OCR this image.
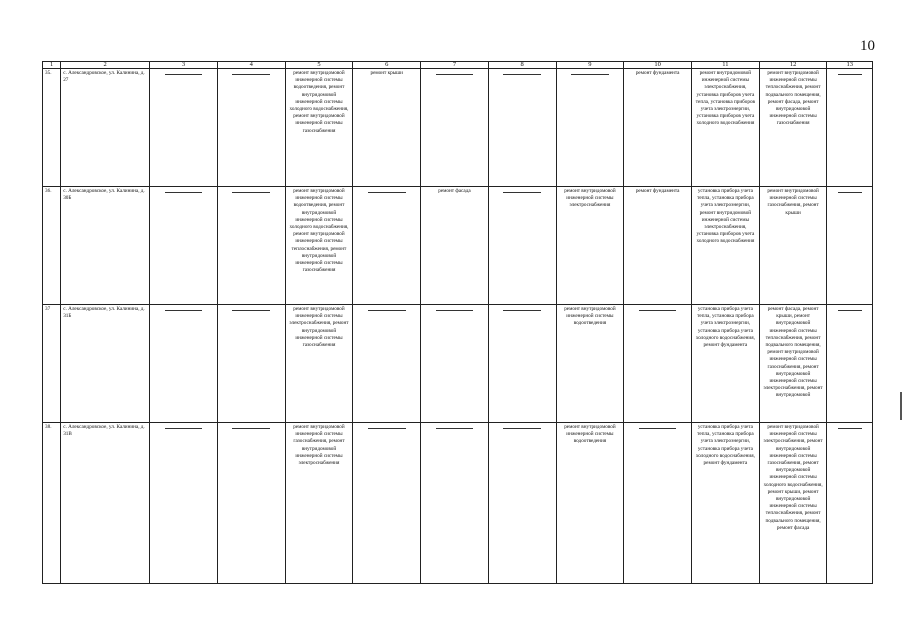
10
1	2	3	4	5	6	7	8	9	10	11	12	13
35.	с. Александровское, ул. Калинина, д. 27			ремонт внутридомовой инженерной системы водоотведения, ремонт внутридомовой инженерной системы холодного водоснабжения, ремонт внутридомовой инженерной системы газоснабжения	ремонт крыши				ремонт фундамента	ремонт внутридомовой инженерной системы электроснабжения, установка приборов учета тепла, установка приборов учета электроэнергии, установка приборов учета холодного водоснабжения	ремонт внутридомовой инженерной системы теплоснабжения, ремонт подвального помещения, ремонт фасада, ремонт внутридомовой инженерной системы газоснабжения	

36.	с. Александровское, ул. Калинина, д. 30Б			ремонт внутридомовой инженерной системы водоотведения, ремонт внутридомовой инженерной системы холодного водоснабжения, ремонт внутридомовой инженерной системы теплоснабжения, ремонт внутридомовой инженерной системы газоснабжения		ремонт фасада		ремонт внутридомовой инженерной системы электроснабжения	ремонт фундамента	установка прибора учета тепла, установка прибора учета электроэнергии, ремонт внутридомовой инженерной системы электроснабжения, установка приборов учета холодного водоснабжения	ремонт внутридомовой инженерной системы газоснабжения, ремонт крыши	

37	с. Александровское, ул. Калинина, д. 31Б			ремонт внутридомовой инженерной системы электроснабжения, ремонт внутридомовой инженерной системы газоснабжения				ремонт внутридомовой инженерной системы водоотведения		установка прибора учета тепла, установка прибора учета электроэнергии, установка прибора учета холодного водоснабжения, ремонт фундамента	ремонт фасада, ремонт крыши, ремонт внутридомовой инженерной системы теплоснабжения, ремонт подвального помещения, ремонт внутридомовой инженерной системы газоснабжения, ремонт внутридомовой инженерной системы электроснабжения, ремонт внутридомовой	

38.	с. Александровское, ул. Калинина, д. 31В			ремонт внутридомовой инженерной системы газоснабжения, ремонт внутридомовой инженерной системы электроснабжения				ремонт внутридомовой инженерной системы водоотведения		установка прибора учета тепла, установка прибора учета электроэнергии, установка прибора учета холодного водоснабжения, ремонт фундамента	ремонт внутридомовой инженерной системы электроснабжения, ремонт внутридомовой инженерной системы газоснабжения, ремонт внутридомовой инженерной системы холодного водоснабжения, ремонт крыши, ремонт внутридомовой инженерной системы теплоснабжения, ремонт подвального помещения, ремонт фасада	
